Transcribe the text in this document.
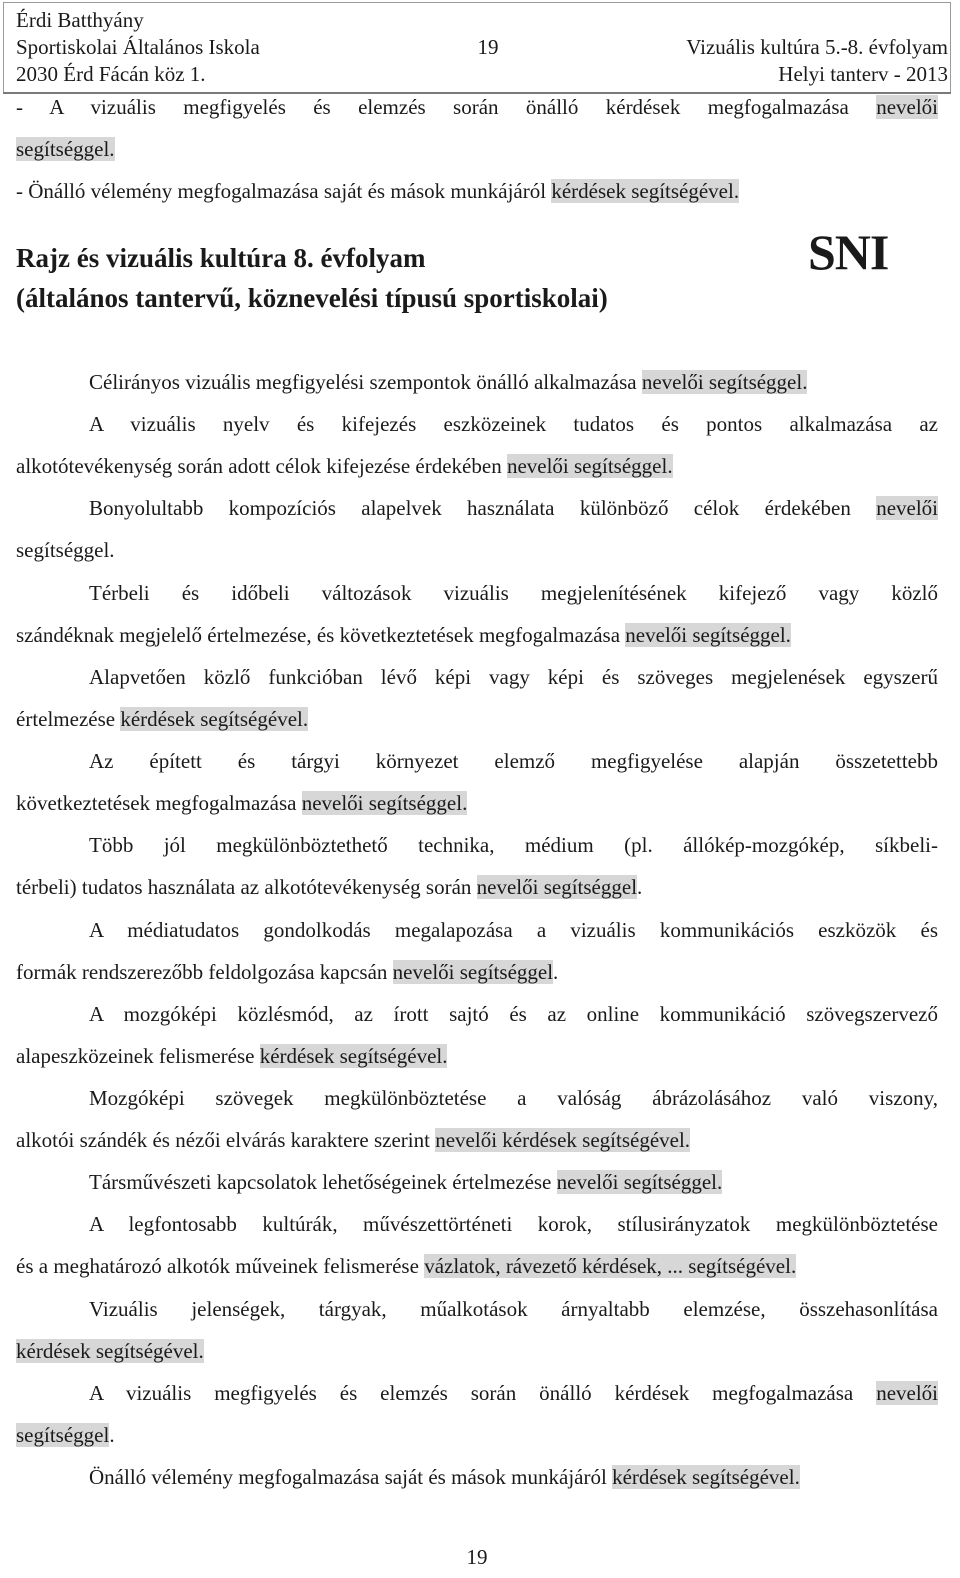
Érdi Batthyány
Sportiskolai Általános Iskola	19	Vizuális kultúra 5.-8. évfolyam
2030 Érd Fácán köz 1.	Helyi tanterv - 2013
- A vizuális megfigyelés és elemzés során önálló kérdések megfogalmazása nevelői
segítséggel.
- Önálló vélemény megfogalmazása saját és mások munkájáról kérdések segítségével.
Rajz és vizuális kultúra 8. évfolyam
(általános tantervű, köznevelési típusú sportiskolai)
SNI
Célirányos vizuális megfigyelési szempontok önálló alkalmazása nevelői segítséggel.
A vizuális nyelv és kifejezés eszközeinek tudatos és pontos alkalmazása az
alkotótevékenység során adott célok kifejezése érdekében nevelői segítséggel.
Bonyolultabb kompozíciós alapelvek használata különböző célok érdekében nevelői
segítséggel.
Térbeli és időbeli változások vizuális megjelenítésének kifejező vagy közlő
szándéknak megjelelő értelmezése, és következtetések megfogalmazása nevelői segítséggel.
Alapvetően közlő funkcióban lévő képi vagy képi és szöveges megjelenések egyszerű
értelmezése kérdések segítségével.
Az épített és tárgyi környezet elemző megfigyelése alapján összetettebb
következtetések megfogalmazása nevelői segítséggel.
Több jól megkülönböztethető technika, médium (pl. állókép-mozgókép, síkbeli-
térbeli) tudatos használata az alkotótevékenység során nevelői segítséggel.
A médiatudatos gondolkodás megalapozása a vizuális kommunikációs eszközök és
formák rendszerezőbb feldolgozása kapcsán nevelői segítséggel.
A mozgóképi közlésmód, az írott sajtó és az online kommunikáció szövegszervező
alapeszközeinek felismerése kérdések segítségével.
Mozgóképi szövegek megkülönböztetése a valóság ábrázolásához való viszony,
alkotói szándék és nézői elvárás karaktere szerint nevelői kérdések segítségével.
Társművészeti kapcsolatok lehetőségeinek értelmezése nevelői segítséggel.
A legfontosabb kultúrák, művészettörténeti korok, stílusirányzatok megkülönböztetése
és a meghatározó alkotók műveinek felismerése vázlatok, rávezető kérdések, ... segítségével.
Vizuális jelenségek, tárgyak, műalkotások árnyaltabb elemzése, összehasonlítása
kérdések segítségével.
A vizuális megfigyelés és elemzés során önálló kérdések megfogalmazása nevelői
segítséggel.
Önálló vélemény megfogalmazása saját és mások munkájáról kérdések segítségével.
19
